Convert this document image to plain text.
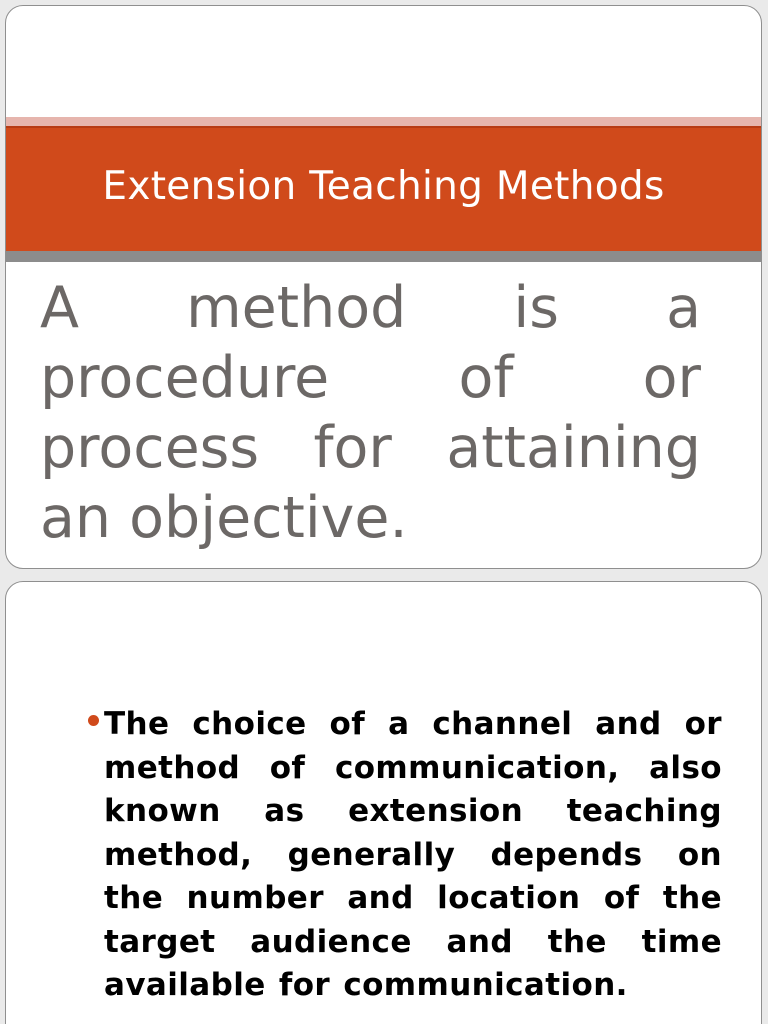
Extension Teaching Methods

A method is a procedure of or process for attaining an objective.

The choice of a channel and or method of communication, also known as extension teaching method, generally depends on the number and location of the target audience and the time available for communication.
